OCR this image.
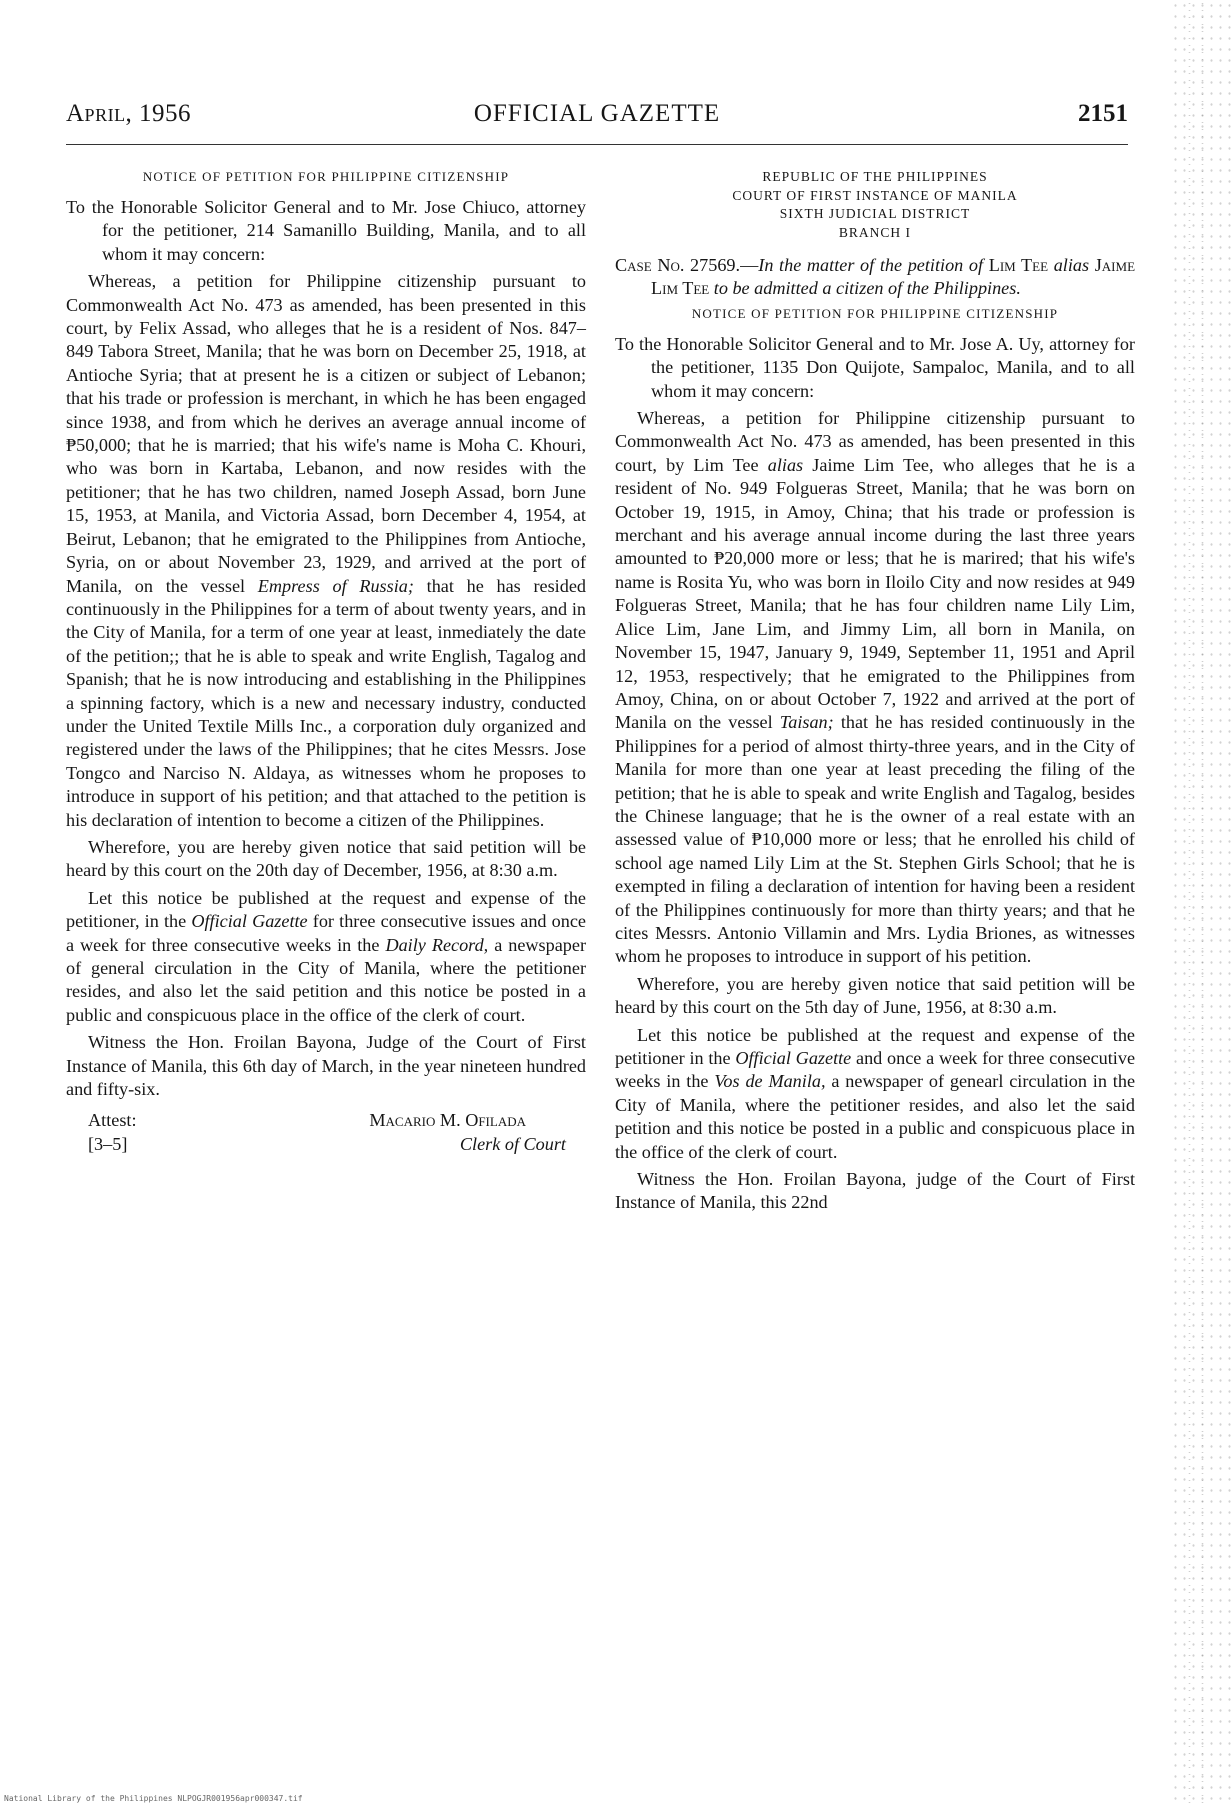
April, 1956	OFFICIAL GAZETTE	2151
NOTICE OF PETITION FOR PHILIPPINE CITIZENSHIP

To the Honorable Solicitor General and to Mr. Jose Chiuco, attorney for the petitioner, 214 Samanillo Building, Manila, and to all whom it may concern:

Whereas, a petition for Philippine citizenship pursuant to Commonwealth Act No. 473 as amended, has been presented in this court, by Felix Assad, who alleges that he is a resident of Nos. 847–849 Tabora Street, Manila; that he was born on December 25, 1918, at Antioche Syria; that at present he is a citizen or subject of Lebanon; that his trade or profession is merchant, in which he has been engaged since 1938, and from which he derives an average annual income of ₱50,000; that he is married; that his wife's name is Moha C. Khouri, who was born in Kartaba, Lebanon, and now resides with the petitioner; that he has two children, named Joseph Assad, born June 15, 1953, at Manila, and Victoria Assad, born December 4, 1954, at Beirut, Lebanon; that he emigrated to the Philippines from Antioche, Syria, on or about November 23, 1929, and arrived at the port of Manila, on the vessel Empress of Russia; that he has resided continuously in the Philippines for a term of about twenty years, and in the City of Manila, for a term of one year at least, inmediately the date of the petition;; that he is able to speak and write English, Tagalog and Spanish; that he is now introducing and establishing in the Philippines a spinning factory, which is a new and necessary industry, conducted under the United Textile Mills Inc., a corporation duly organized and registered under the laws of the Philippines; that he cites Messrs. Jose Tongco and Narciso N. Aldaya, as witnesses whom he proposes to introduce in support of his petition; and that attached to the petition is his declaration of intention to become a citizen of the Philippines.

Wherefore, you are hereby given notice that said petition will be heard by this court on the 20th day of December, 1956, at 8:30 a.m.

Let this notice be published at the request and expense of the petitioner, in the Official Gazette for three consecutive issues and once a week for three consecutive weeks in the Daily Record, a newspaper of general circulation in the City of Manila, where the petitioner resides, and also let the said petition and this notice be posted in a public and conspicuous place in the office of the clerk of court.

Witness the Hon. Froilan Bayona, Judge of the Court of First Instance of Manila, this 6th day of March, in the year nineteen hundred and fifty-six.

Attest:	Macario M. Ofilada
[3–5]	Clerk of Court
REPUBLIC OF THE PHILIPPINES
COURT OF FIRST INSTANCE OF MANILA
SIXTH JUDICIAL DISTRICT
BRANCH I

Case No. 27569.—In the matter of the petition of Lim Tee alias Jaime Lim Tee to be admitted a citizen of the Philippines.

NOTICE OF PETITION FOR PHILIPPINE CITIZENSHIP

To the Honorable Solicitor General and to Mr. Jose A. Uy, attorney for the petitioner, 1135 Don Quijote, Sampaloc, Manila, and to all whom it may concern:

Whereas, a petition for Philippine citizenship pursuant to Commonwealth Act No. 473 as amended, has been presented in this court, by Lim Tee alias Jaime Lim Tee, who alleges that he is a resident of No. 949 Folgueras Street, Manila; that he was born on October 19, 1915, in Amoy, China; that his trade or profession is merchant and his average annual income during the last three years amounted to ₱20,000 more or less; that he is marired; that his wife's name is Rosita Yu, who was born in Iloilo City and now resides at 949 Folgueras Street, Manila; that he has four children name Lily Lim, Alice Lim, Jane Lim, and Jimmy Lim, all born in Manila, on November 15, 1947, January 9, 1949, September 11, 1951 and April 12, 1953, respectively; that he emigrated to the Philippines from Amoy, China, on or about October 7, 1922 and arrived at the port of Manila on the vessel Taisan; that he has resided continuously in the Philippines for a period of almost thirty-three years, and in the City of Manila for more than one year at least preceding the filing of the petition; that he is able to speak and write English and Tagalog, besides the Chinese language; that he is the owner of a real estate with an assessed value of ₱10,000 more or less; that he enrolled his child of school age named Lily Lim at the St. Stephen Girls School; that he is exempted in filing a declaration of intention for having been a resident of the Philippines continuously for more than thirty years; and that he cites Messrs. Antonio Villamin and Mrs. Lydia Briones, as witnesses whom he proposes to introduce in support of his petition.

Wherefore, you are hereby given notice that said petition will be heard by this court on the 5th day of June, 1956, at 8:30 a.m.

Let this notice be published at the request and expense of the petitioner in the Official Gazette and once a week for three consecutive weeks in the Vos de Manila, a newspaper of genearl circulation in the City of Manila, where the petitioner resides, and also let the said petition and this notice be posted in a public and conspicuous place in the office of the clerk of court.

Witness the Hon. Froilan Bayona, judge of the Court of First Instance of Manila, this 22nd

National Library of the Philippines NLPOGJR001956apr000347.tif
